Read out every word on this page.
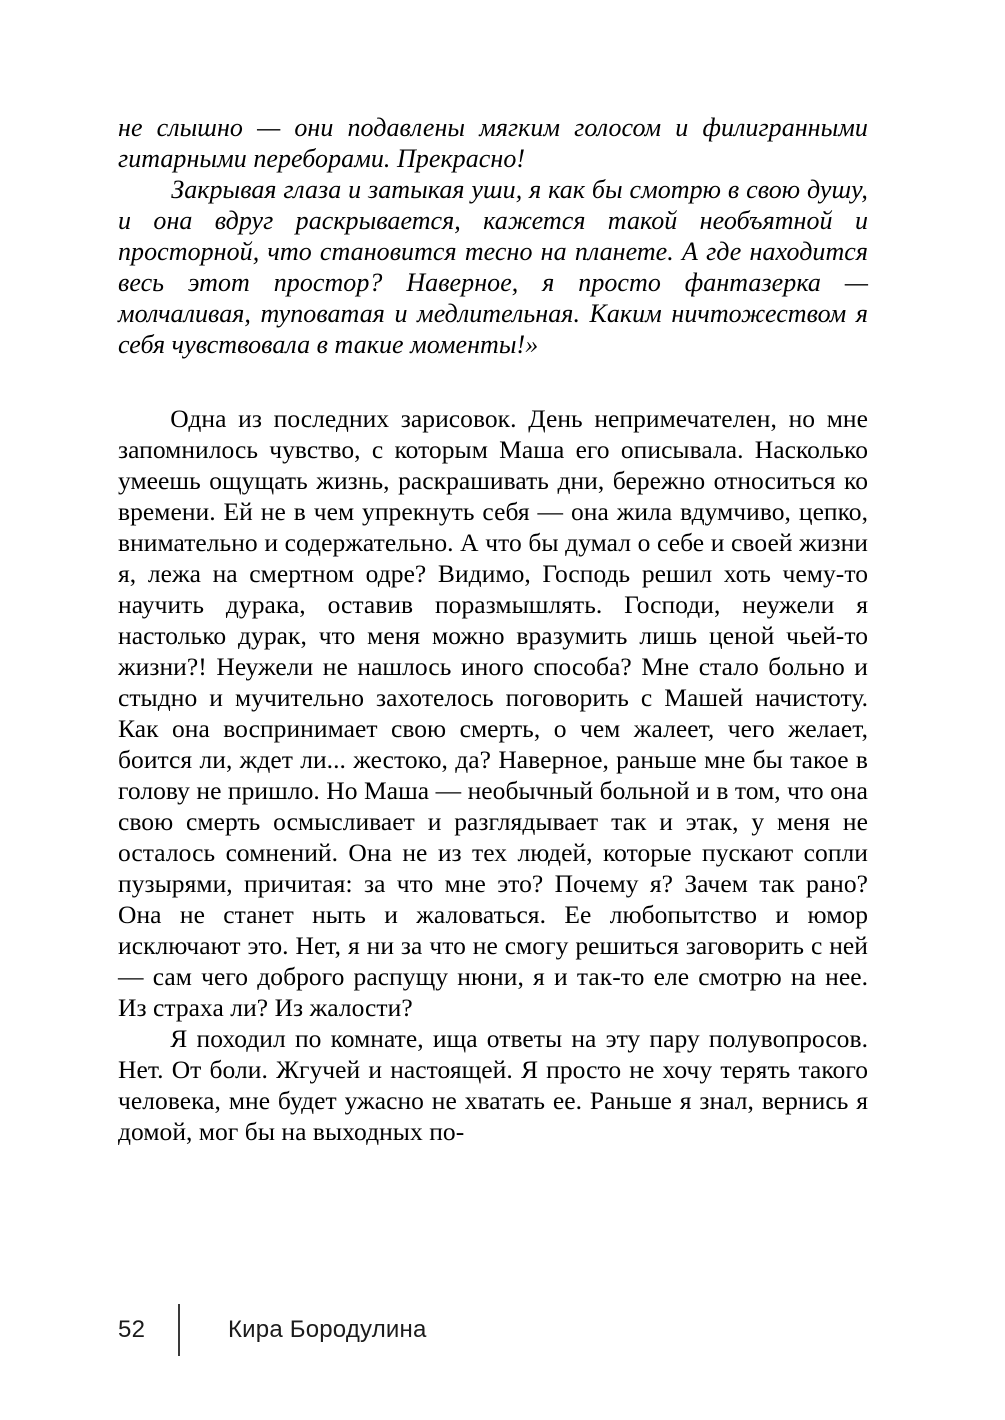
не слышно — они подавлены мягким голосом и филигранными гитарными переборами. Прекрасно!

Закрывая глаза и затыкая уши, я как бы смотрю в свою душу, и она вдруг раскрывается, кажется такой необъятной и просторной, что становится тесно на планете. А где находится весь этот простор? Наверное, я просто фантазерка — молчаливая, туповатая и медлительная. Каким ничтожеством я себя чувствовала в такие моменты!»

Одна из последних зарисовок. День непримечателен, но мне запомнилось чувство, с которым Маша его описывала. Насколько умеешь ощущать жизнь, раскрашивать дни, бережно относиться ко времени. Ей не в чем упрекнуть себя — она жила вдумчиво, цепко, внимательно и содержательно. А что бы думал о себе и своей жизни я, лежа на смертном одре? Видимо, Господь решил хоть чему-то научить дурака, оставив поразмышлять. Господи, неужели я настолько дурак, что меня можно вразумить лишь ценой чьей-то жизни?! Неужели не нашлось иного способа? Мне стало больно и стыдно и мучительно захотелось поговорить с Машей начистоту. Как она воспринимает свою смерть, о чем жалеет, чего желает, боится ли, ждет ли... жестоко, да? Наверное, раньше мне бы такое в голову не пришло. Но Маша — необычный больной и в том, что она свою смерть осмысливает и разглядывает так и этак, у меня не осталось сомнений. Она не из тех людей, которые пускают сопли пузырями, причитая: за что мне это? Почему я? Зачем так рано? Она не станет ныть и жаловаться. Ее любопытство и юмор исключают это. Нет, я ни за что не смогу решиться заговорить с ней — сам чего доброго распущу нюни, я и так-то еле смотрю на нее. Из страха ли? Из жалости?

Я походил по комнате, ища ответы на эту пару полувопросов. Нет. От боли. Жгучей и настоящей. Я просто не хочу терять такого человека, мне будет ужасно не хватать ее. Раньше я знал, вернись я домой, мог бы на выходных по-

52	Кира Бородулина
